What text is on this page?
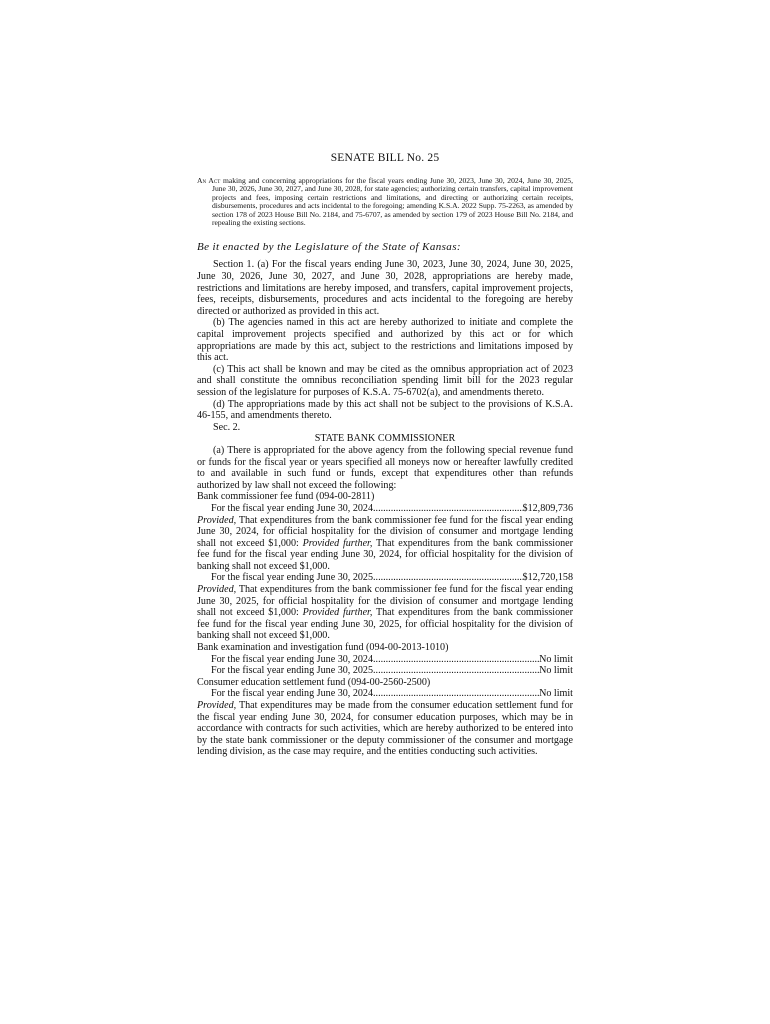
SENATE BILL No. 25
An Act making and concerning appropriations for the fiscal years ending June 30, 2023, June 30, 2024, June 30, 2025, June 30, 2026, June 30, 2027, and June 30, 2028, for state agencies; authorizing certain transfers, capital improvement projects and fees, imposing certain restrictions and limitations, and directing or authorizing certain receipts, disbursements, procedures and acts incidental to the foregoing; amending K.S.A. 2022 Supp. 75-2263, as amended by section 178 of 2023 House Bill No. 2184, and 75-6707, as amended by section 179 of 2023 House Bill No. 2184, and repealing the existing sections.
Be it enacted by the Legislature of the State of Kansas:

Section 1. (a) For the fiscal years ending June 30, 2023, June 30, 2024, June 30, 2025, June 30, 2026, June 30, 2027, and June 30, 2028, appropriations are hereby made, restrictions and limitations are hereby imposed, and transfers, capital improvement projects, fees, receipts, disbursements, procedures and acts incidental to the foregoing are hereby directed or authorized as provided in this act.

(b) The agencies named in this act are hereby authorized to initiate and complete the capital improvement projects specified and authorized by this act or for which appropriations are made by this act, subject to the restrictions and limitations imposed by this act.

(c) This act shall be known and may be cited as the omnibus appropriation act of 2023 and shall constitute the omnibus reconciliation spending limit bill for the 2023 regular session of the legislature for purposes of K.S.A. 75-6702(a), and amendments thereto.

(d) The appropriations made by this act shall not be subject to the provisions of K.S.A. 46-155, and amendments thereto.

Sec. 2.

STATE BANK COMMISSIONER

(a) There is appropriated for the above agency from the following special revenue fund or funds for the fiscal year or years specified all moneys now or hereafter lawfully credited to and available in such fund or funds, except that expenditures other than refunds authorized by law shall not exceed the following:

Bank commissioner fee fund (094-00-2811)

For the fiscal year ending June 30, 2024 .....	$12,809,736

Provided, That expenditures from the bank commissioner fee fund for the fiscal year ending June 30, 2024, for official hospitality for the division of consumer and mortgage lending shall not exceed $1,000: Provided further, That expenditures from the bank commissioner fee fund for the fiscal year ending June 30, 2024, for official hospitality for the division of banking shall not exceed $1,000.

For the fiscal year ending June 30, 2025 .....	$12,720,158

Provided, That expenditures from the bank commissioner fee fund for the fiscal year ending June 30, 2025, for official hospitality for the division of consumer and mortgage lending shall not exceed $1,000: Provided further, That expenditures from the bank commissioner fee fund for the fiscal year ending June 30, 2025, for official hospitality for the division of banking shall not exceed $1,000.

Bank examination and investigation fund (094-00-2013-1010)

For the fiscal year ending June 30, 2024 .....	No limit
For the fiscal year ending June 30, 2025 .....	No limit

Consumer education settlement fund (094-00-2560-2500)

For the fiscal year ending June 30, 2024 .....	No limit

Provided, That expenditures may be made from the consumer education settlement fund for the fiscal year ending June 30, 2024, for consumer education purposes, which may be in accordance with contracts for such activities, which are hereby authorized to be entered into by the state bank commissioner or the deputy commissioner of the consumer and mortgage lending division, as the case may require, and the entities conducting such activities.
